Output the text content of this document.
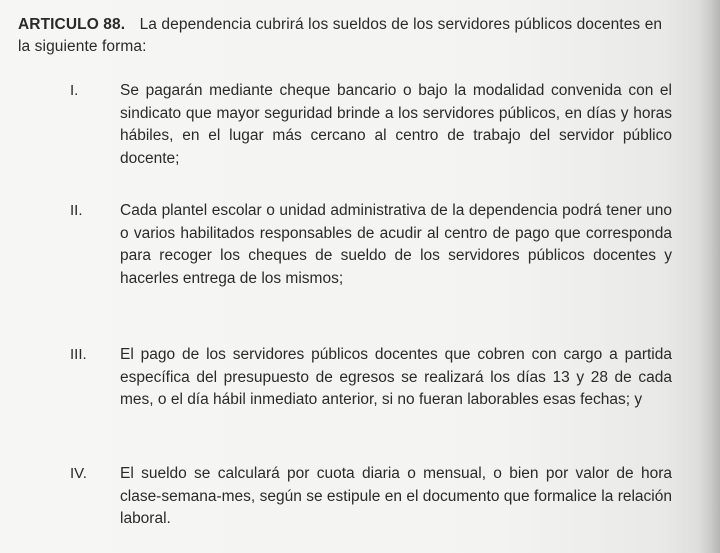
ARTICULO 88. La dependencia cubrirá los sueldos de los servidores públicos docentes en la siguiente forma:
I.	Se pagarán mediante cheque bancario o bajo la modalidad convenida con el sindicato que mayor seguridad brinde a los servidores públicos, en días y horas hábiles, en el lugar más cercano al centro de trabajo del servidor público docente;
II.	Cada plantel escolar o unidad administrativa de la dependencia podrá tener uno o varios habilitados responsables de acudir al centro de pago que corresponda para recoger los cheques de sueldo de los servidores públicos docentes y hacerles entrega de los mismos;
III.	El pago de los servidores públicos docentes que cobren con cargo a partida específica del presupuesto de egresos se realizará los días 13 y 28 de cada mes, o el día hábil inmediato anterior, si no fueran laborables esas fechas; y
IV.	El sueldo se calculará por cuota diaria o mensual, o bien por valor de hora clase-semana-mes, según se estipule en el documento que formalice la relación laboral.
